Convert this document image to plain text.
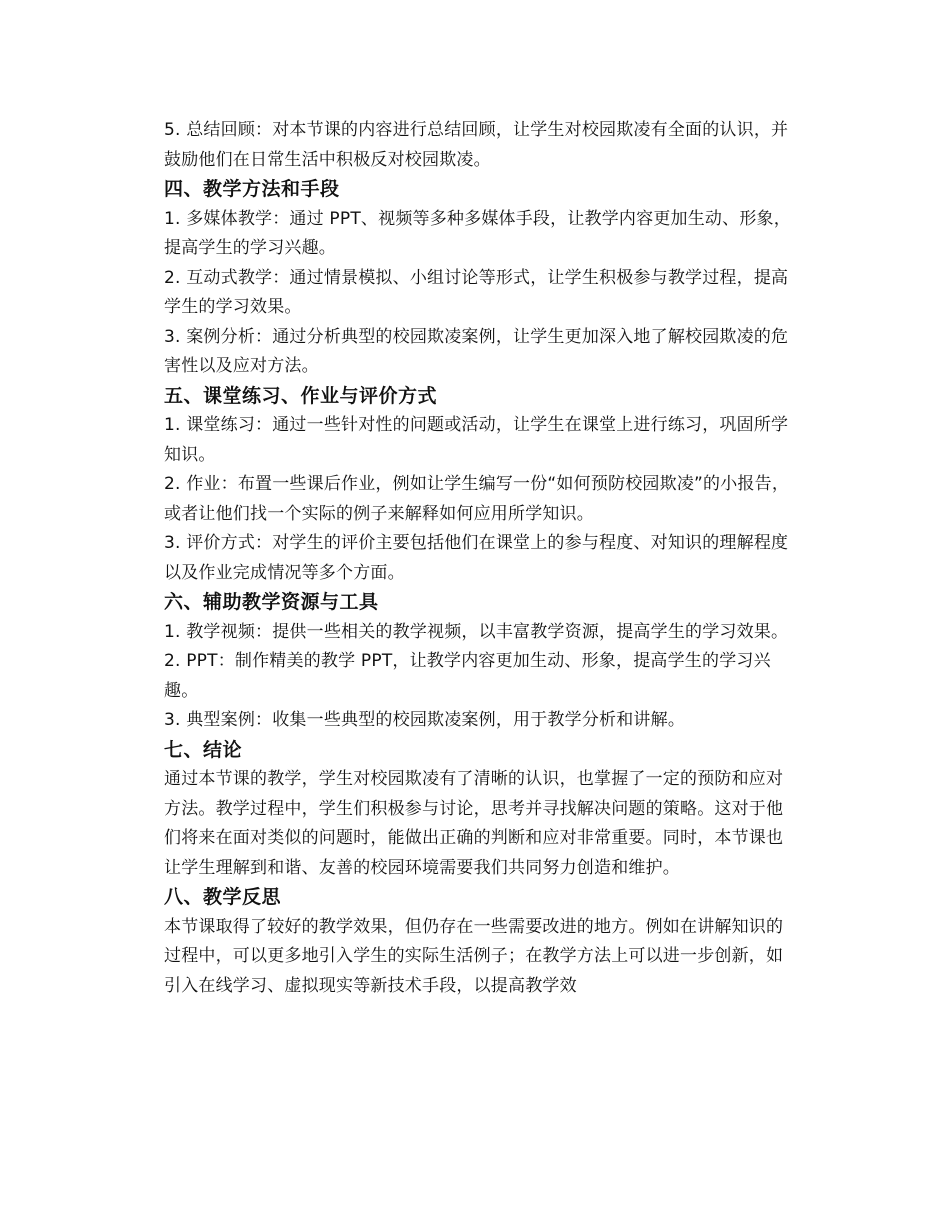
5. 总结回顾：对本节课的内容进行总结回顾，让学生对校园欺凌有全面的认识，并鼓励他们在日常生活中积极反对校园欺凌。

四、教学方法和手段

1. 多媒体教学：通过 PPT、视频等多种多媒体手段，让教学内容更加生动、形象，提高学生的学习兴趣。

2. 互动式教学：通过情景模拟、小组讨论等形式，让学生积极参与教学过程，提高学生的学习效果。

3. 案例分析：通过分析典型的校园欺凌案例，让学生更加深入地了解校园欺凌的危害性以及应对方法。

五、课堂练习、作业与评价方式

1. 课堂练习：通过一些针对性的问题或活动，让学生在课堂上进行练习，巩固所学知识。

2. 作业：布置一些课后作业，例如让学生编写一份“如何预防校园欺凌”的小报告，或者让他们找一个实际的例子来解释如何应用所学知识。

3. 评价方式：对学生的评价主要包括他们在课堂上的参与程度、对知识的理解程度以及作业完成情况等多个方面。

六、辅助教学资源与工具

1. 教学视频：提供一些相关的教学视频，以丰富教学资源，提高学生的学习效果。

2. PPT：制作精美的教学 PPT，让教学内容更加生动、形象，提高学生的学习兴趣。

3. 典型案例：收集一些典型的校园欺凌案例，用于教学分析和讲解。

七、结论

通过本节课的教学，学生对校园欺凌有了清晰的认识，也掌握了一定的预防和应对方法。教学过程中，学生们积极参与讨论，思考并寻找解决问题的策略。这对于他们将来在面对类似的问题时，能做出正确的判断和应对非常重要。同时，本节课也让学生理解到和谐、友善的校园环境需要我们共同努力创造和维护。

八、教学反思

本节课取得了较好的教学效果，但仍存在一些需要改进的地方。例如在讲解知识的过程中，可以更多地引入学生的实际生活例子；在教学方法上可以进一步创新，如引入在线学习、虚拟现实等新技术手段，以提高教学效
